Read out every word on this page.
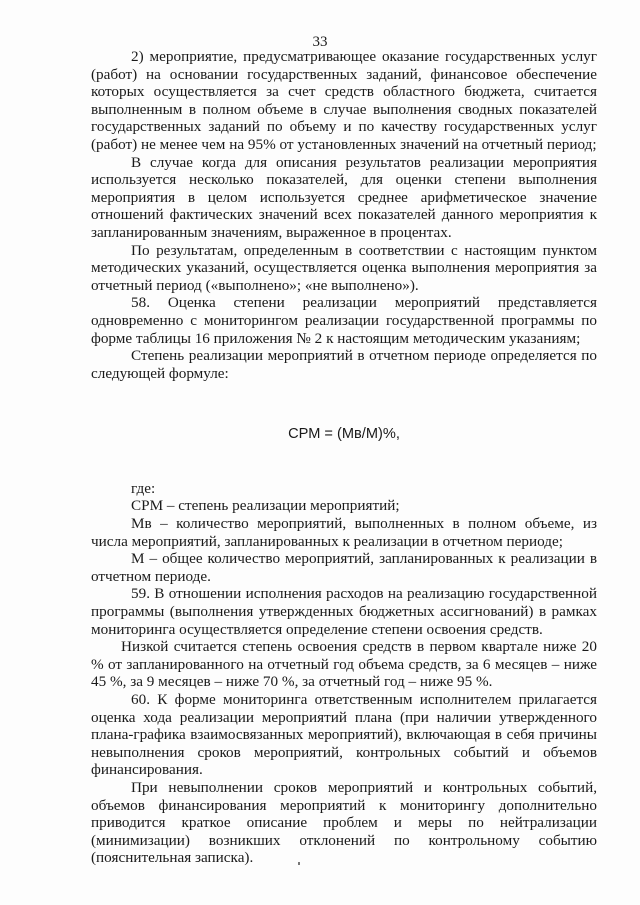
33

2) мероприятие, предусматривающее оказание государственных услуг (работ) на основании государственных заданий, финансовое обеспечение которых осуществляется за счет средств областного бюджета, считается выполненным в полном объеме в случае выполнения сводных показателей государственных заданий по объему и по качеству государственных услуг (работ) не менее чем на 95% от установленных значений на отчетный период;

В случае когда для описания результатов реализации мероприятия используется несколько показателей, для оценки степени выполнения мероприятия в целом используется среднее арифметическое значение отношений фактических значений всех показателей данного мероприятия к запланированным значениям, выраженное в процентах.

По результатам, определенным в соответствии с настоящим пунктом методических указаний, осуществляется оценка выполнения мероприятия за отчетный период («выполнено»; «не выполнено»).

58. Оценка степени реализации мероприятий представляется одновременно с мониторингом реализации государственной программы по форме таблицы 16 приложения № 2 к настоящим методическим указаниям;

Степень реализации мероприятий в отчетном периоде определяется по следующей формуле:

СРМ = (Мв/М)%,

где:

СРМ – степень реализации мероприятий;

Мв – количество мероприятий, выполненных в полном объеме, из числа мероприятий, запланированных к реализации в отчетном периоде;

М – общее количество мероприятий, запланированных к реализации в отчетном периоде.

59. В отношении исполнения расходов на реализацию государственной программы (выполнения утвержденных бюджетных ассигнований) в рамках мониторинга осуществляется определение степени освоения средств.

Низкой считается степень освоения средств в первом квартале ниже 20 % от запланированного на отчетный год объема средств, за 6 месяцев – ниже 45 %, за 9 месяцев – ниже 70 %, за отчетный год – ниже 95 %.

60. К форме мониторинга ответственным исполнителем прилагается оценка хода реализации мероприятий плана (при наличии утвержденного плана-графика взаимосвязанных мероприятий), включающая в себя причины невыполнения сроков мероприятий, контрольных событий и объемов финансирования.

При невыполнении сроков мероприятий и контрольных событий, объемов финансирования мероприятий к мониторингу дополнительно приводится краткое описание проблем и меры по нейтрализации (минимизации) возникших отклонений по контрольному событию (пояснительная записка).
